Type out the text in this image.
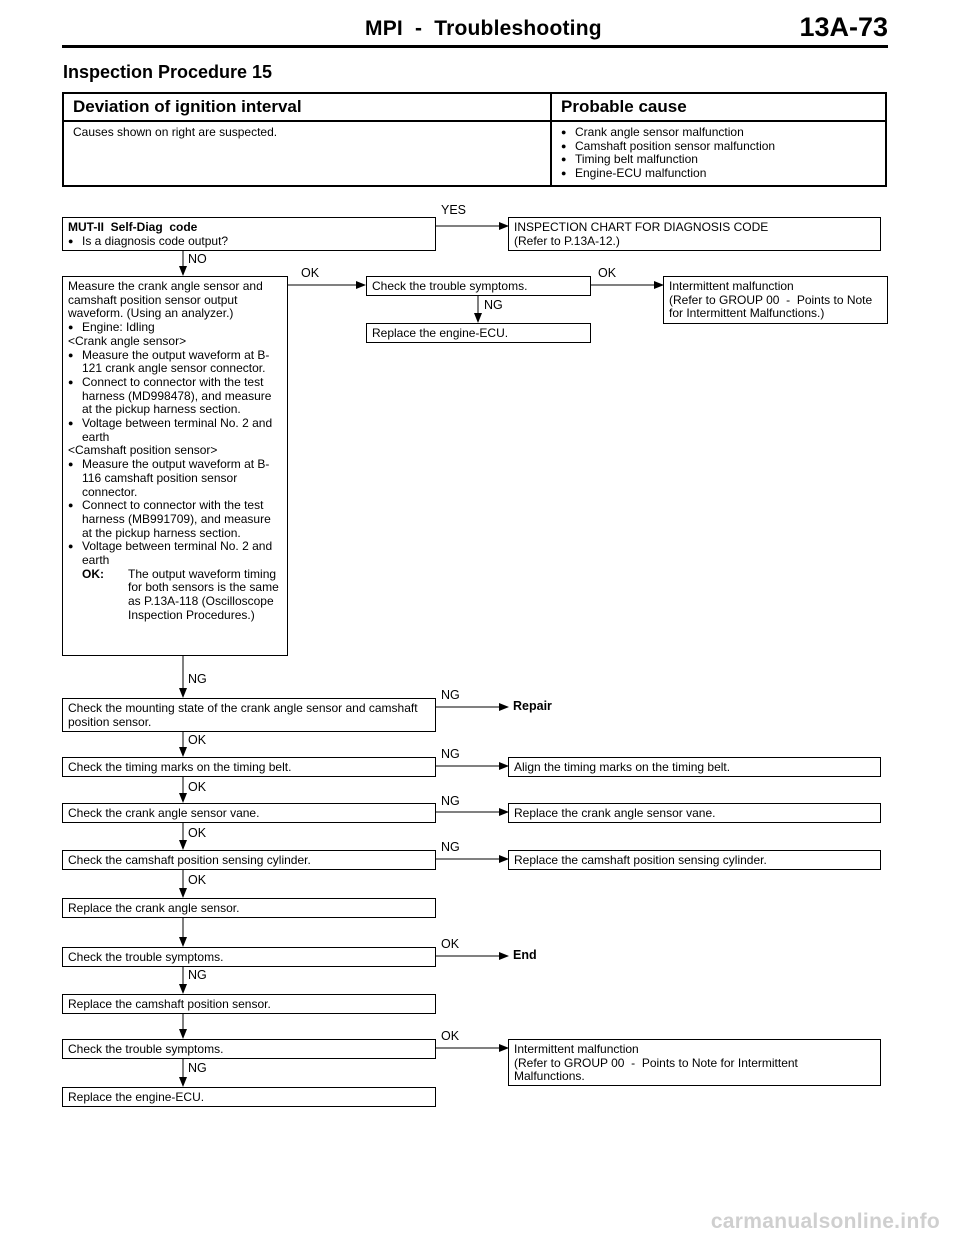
MPI  -  Troubleshooting	13A-73
Inspection Procedure 15
Deviation of ignition interval	Probable cause
Causes shown on right are suspected.	● Crank angle sensor malfunction
● Camshaft position sensor malfunction
● Timing belt malfunction
● Engine-ECU malfunction
MUT-II  Self-Diag  code
● Is a diagnosis code output?
YES
INSPECTION CHART FOR DIAGNOSIS CODE
(Refer to P.13A-12.)
NO
Measure the crank angle sensor and camshaft position sensor output waveform. (Using an analyzer.)
● Engine: Idling
<Crank angle sensor>
● Measure the output waveform at B-121 crank angle sensor connector.
● Connect to connector with the test harness (MD998478), and measure at the pickup harness section.
● Voltage between terminal No. 2 and earth
<Camshaft position sensor>
● Measure the output waveform at B-116 camshaft position sensor connector.
● Connect to connector with the test harness (MB991709), and measure at the pickup harness section.
● Voltage between terminal No. 2 and earth
OK:	The output waveform timing for both sensors is the same as P.13A-118 (Oscilloscope Inspection Procedures.)
OK
Check the trouble symptoms.
OK
Intermittent malfunction
(Refer to GROUP 00  -  Points to Note
for Intermittent Malfunctions.)
NG
Replace the engine-ECU.
NG
Check the mounting state of the crank angle sensor and camshaft position sensor.
NG
Repair
OK
Check the timing marks on the timing belt.
NG
Align the timing marks on the timing belt.
OK
Check the crank angle sensor vane.
NG
Replace the crank angle sensor vane.
OK
Check the camshaft position sensing cylinder.
NG
Replace the camshaft position sensing cylinder.
OK
Replace the crank angle sensor.
Check the trouble symptoms.
OK
End
NG
Replace the camshaft position sensor.
Check the trouble symptoms.
OK
Intermittent malfunction
(Refer to GROUP 00  -  Points to Note for Intermittent
Malfunctions.
NG
Replace the engine-ECU.
carmanualsonline.info
